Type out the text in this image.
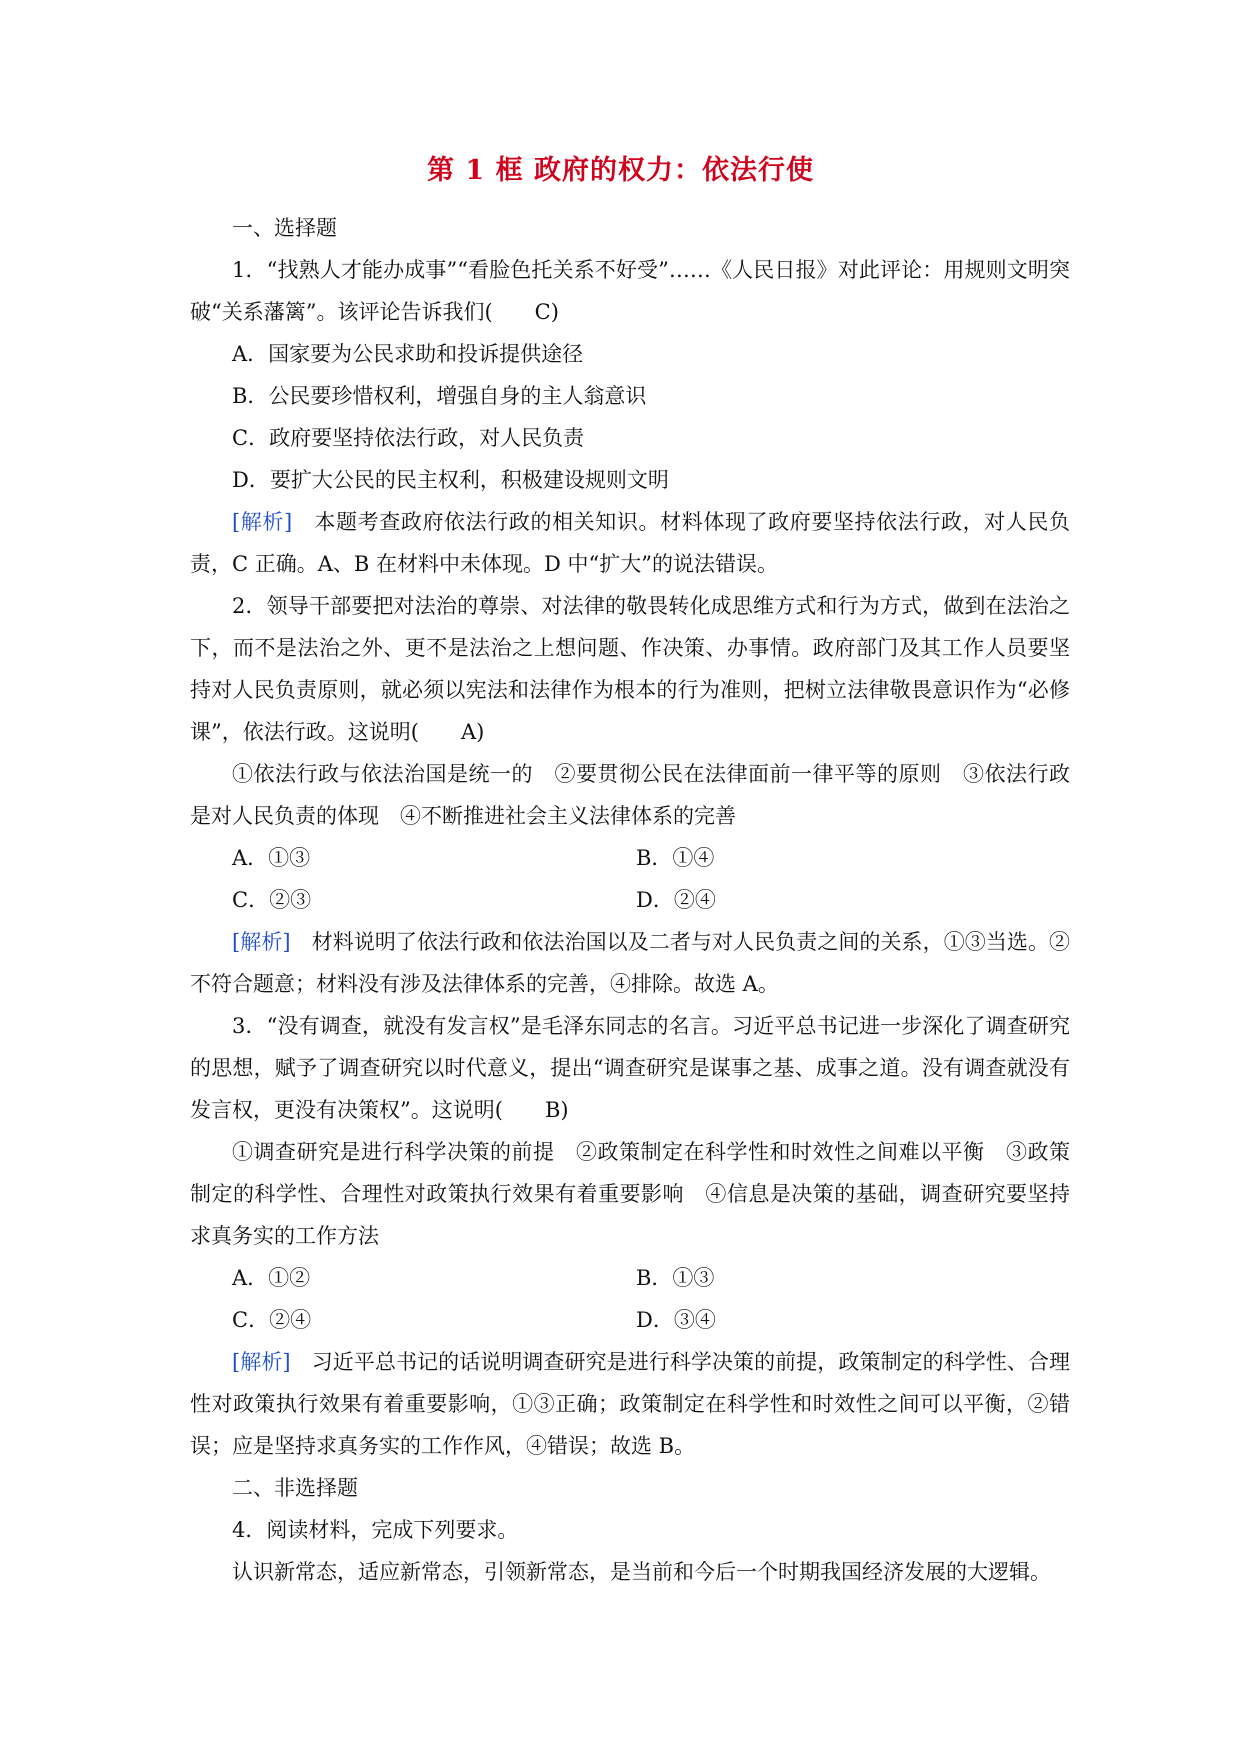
第 1 框 政府的权力：依法行使

一、选择题

1．“找熟人才能办成事”“看脸色托关系不好受”……《人民日报》对此评论：用规则文明突破“关系藩篱”。该评论告诉我们( C)

A．国家要为公民求助和投诉提供途径

B．公民要珍惜权利，增强自身的主人翁意识

C．政府要坚持依法行政，对人民负责

D．要扩大公民的民主权利，积极建设规则文明

[解析]　 本题考查政府依法行政的相关知识。材料体现了政府要坚持依法行政，对人民负责，C 正确。A、B 在材料中未体现。D 中“扩大”的说法错误。

2．领导干部要把对法治的尊崇、对法律的敬畏转化成思维方式和行为方式，做到在法治之下，而不是法治之外、更不是法治之上想问题、作决策、办事情。政府部门及其工作人员要坚持对人民负责原则，就必须以宪法和法律作为根本的行为准则，把树立法律敬畏意识作为“必修课”，依法行政。这说明( A)

①依法行政与依法治国是统一的　②要贯彻公民在法律面前一律平等的原则　③依法行政是对人民负责的体现　④不断推进社会主义法律体系的完善

A．①③	B．①④
C．②③	D．②④

[解析]　 材料说明了依法行政和依法治国以及二者与对人民负责之间的关系，①③当选。②不符合题意；材料没有涉及法律体系的完善，④排除。故选 A。

3．“没有调查，就没有发言权”是毛泽东同志的名言。习近平总书记进一步深化了调查研究的思想，赋予了调查研究以时代意义，提出“调查研究是谋事之基、成事之道。没有调查就没有发言权，更没有决策权”。这说明( B)

①调查研究是进行科学决策的前提　②政策制定在科学性和时效性之间难以平衡　③政策制定的科学性、合理性对政策执行效果有着重要影响　④信息是决策的基础，调查研究要坚持求真务实的工作方法

A．①②	B．①③
C．②④	D．③④

[解析]　 习近平总书记的话说明调查研究是进行科学决策的前提，政策制定的科学性、合理性对政策执行效果有着重要影响，①③正确；政策制定在科学性和时效性之间可以平衡，②错误；应是坚持求真务实的工作作风，④错误；故选 B。

二、非选择题

4．阅读材料，完成下列要求。

认识新常态，适应新常态，引领新常态，是当前和今后一个时期我国经济发展的大逻辑。
